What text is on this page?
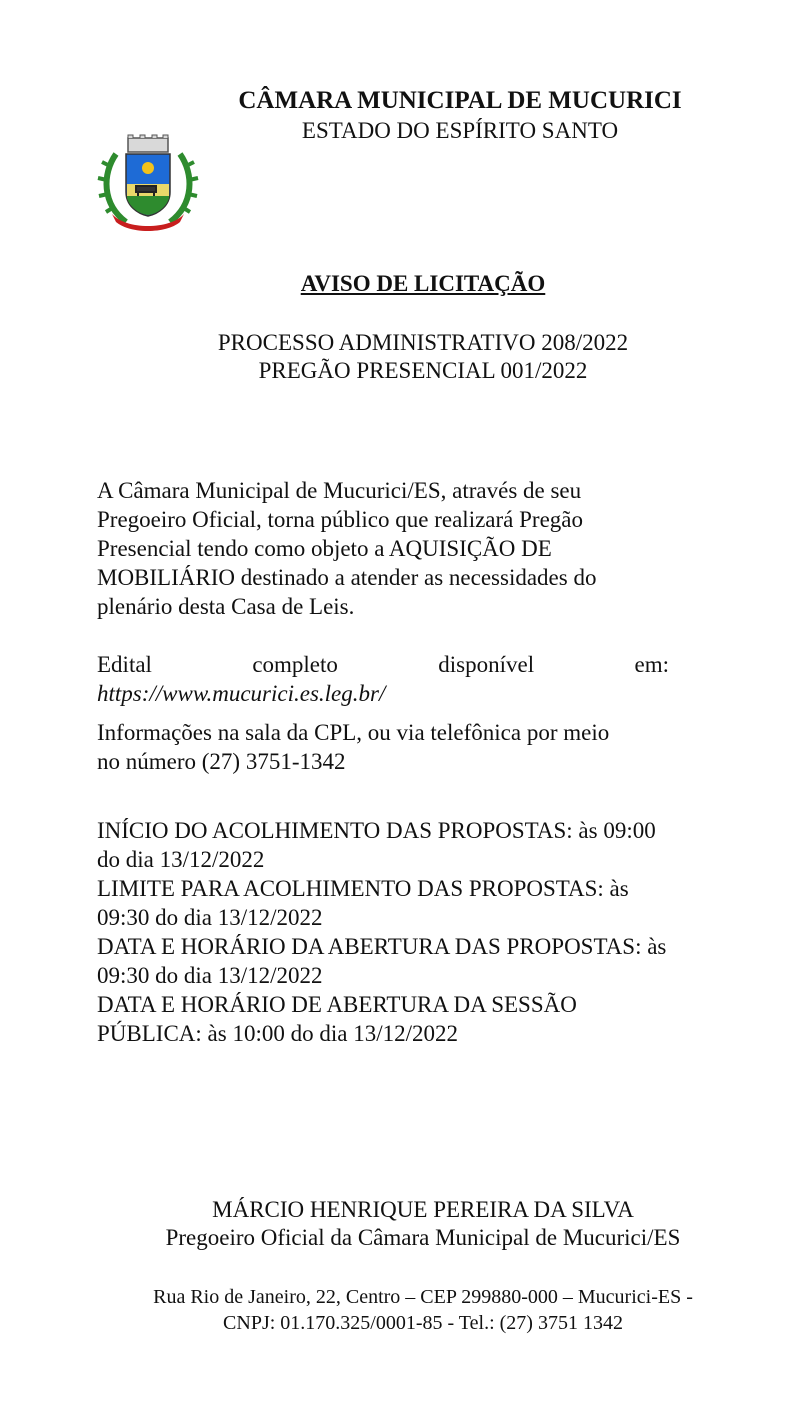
CÂMARA MUNICIPAL DE MUCURICI
ESTADO DO ESPÍRITO SANTO
AVISO DE LICITAÇÃO
PROCESSO ADMINISTRATIVO 208/2022
PREGÃO PRESENCIAL 001/2022
A Câmara Municipal de Mucurici/ES, através de seu
Pregoeiro Oficial, torna público que realizará Pregão
Presencial tendo como objeto a AQUISIÇÃO DE
MOBILIÁRIO destinado a atender as necessidades do
plenário desta Casa de Leis.
Edital	completo	disponível	em:
https://www.mucurici.es.leg.br/
Informações na sala da CPL, ou via telefônica por meio
no número (27) 3751-1342
INÍCIO DO ACOLHIMENTO DAS PROPOSTAS: às 09:00
do dia 13/12/2022
LIMITE PARA ACOLHIMENTO DAS PROPOSTAS: às
09:30 do dia 13/12/2022
DATA E HORÁRIO DA ABERTURA DAS PROPOSTAS: às
09:30 do dia 13/12/2022
DATA E HORÁRIO DE ABERTURA DA SESSÃO
PÚBLICA: às 10:00 do dia 13/12/2022
MÁRCIO HENRIQUE PEREIRA DA SILVA
Pregoeiro Oficial da Câmara Municipal de Mucurici/ES
Rua Rio de Janeiro, 22, Centro – CEP 299880-000 – Mucurici-ES -
CNPJ: 01.170.325/0001-85 - Tel.: (27) 3751 1342
